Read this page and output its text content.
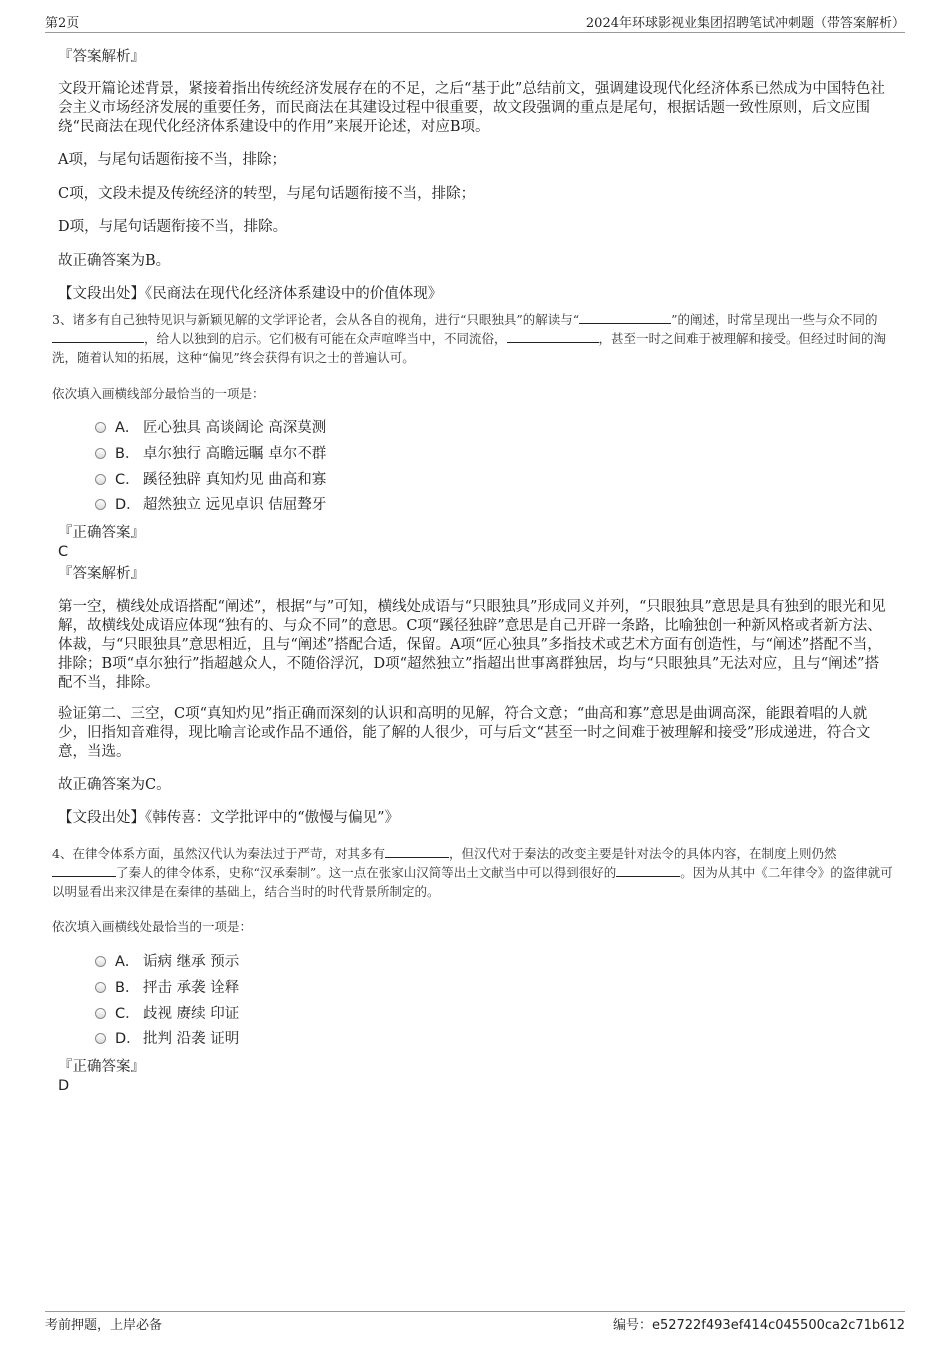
第2页	2024年环球影视业集团招聘笔试冲刺题（带答案解析）
『答案解析』
文段开篇论述背景，紧接着指出传统经济发展存在的不足，之后“基于此”总结前文，强调建设现代化经济体系已然成为中国特色社会主义市场经济发展的重要任务，而民商法在其建设过程中很重要，故文段强调的重点是尾句，根据话题一致性原则，后文应围绕“民商法在现代化经济体系建设中的作用”来展开论述，对应B项。
A项，与尾句话题衔接不当，排除；
C项，文段未提及传统经济的转型，与尾句话题衔接不当，排除；
D项，与尾句话题衔接不当，排除。
故正确答案为B。
【文段出处】《民商法在现代化经济体系建设中的价值体现》
3、诸多有自己独特见识与新颖见解的文学评论者，会从各自的视角，进行“只眼独具”的解读与“	”的阐述，时常呈现出一些与众不同的，给人以独到的启示。它们极有可能在众声喧哗当中，不同流俗，	，甚至一时之间难于被理解和接受。但经过时间的淘洗，随着认知的拓展，这种“偏见”终会获得有识之士的普遍认可。
依次填入画横线部分最恰当的一项是：
A． 匠心独具 高谈阔论 高深莫测
B． 卓尔独行 高瞻远瞩 卓尔不群
C． 蹊径独辟 真知灼见 曲高和寡
D． 超然独立 远见卓识 佶屈聱牙
『正确答案』
C
『答案解析』
第一空，横线处成语搭配“阐述”，根据“与”可知，横线处成语与“只眼独具”形成同义并列，“只眼独具”意思是具有独到的眼光和见解，故横线处成语应体现“独有的、与众不同”的意思。C项“蹊径独辟”意思是自己开辟一条路，比喻独创一种新风格或者新方法、体裁，与“只眼独具”意思相近，且与“阐述”搭配合适，保留。A项“匠心独具”多指技术或艺术方面有创造性，与“阐述”搭配不当，排除；B项“卓尔独行”指超越众人，不随俗浮沉，D项“超然独立”指超出世事离群独居，均与“只眼独具”无法对应，且与“阐述”搭配不当，排除。
验证第二、三空，C项“真知灼见”指正确而深刻的认识和高明的见解，符合文意；“曲高和寡”意思是曲调高深，能跟着唱的人就少，旧指知音难得，现比喻言论或作品不通俗，能了解的人很少，可与后文“甚至一时之间难于被理解和接受”形成递进，符合文意，当选。
故正确答案为C。
【文段出处】《韩传喜：文学批评中的“傲慢与偏见”》
4、在律令体系方面，虽然汉代认为秦法过于严苛，对其多有	，但汉代对于秦法的改变主要是针对法令的具体内容，在制度上则仍然了秦人的律令体系，史称“汉承秦制”。这一点在张家山汉简等出土文献当中可以得到很好的	。因为从其中《二年律令》的盗律就可以明显看出来汉律是在秦律的基础上，结合当时的时代背景所制定的。
依次填入画横线处最恰当的一项是：
A． 诟病 继承 预示
B． 抨击 承袭 诠释
C． 歧视 赓续 印证
D． 批判 沿袭 证明
『正确答案』
D
考前押题，上岸必备	编号：e52722f493ef414c045500ca2c71b612
